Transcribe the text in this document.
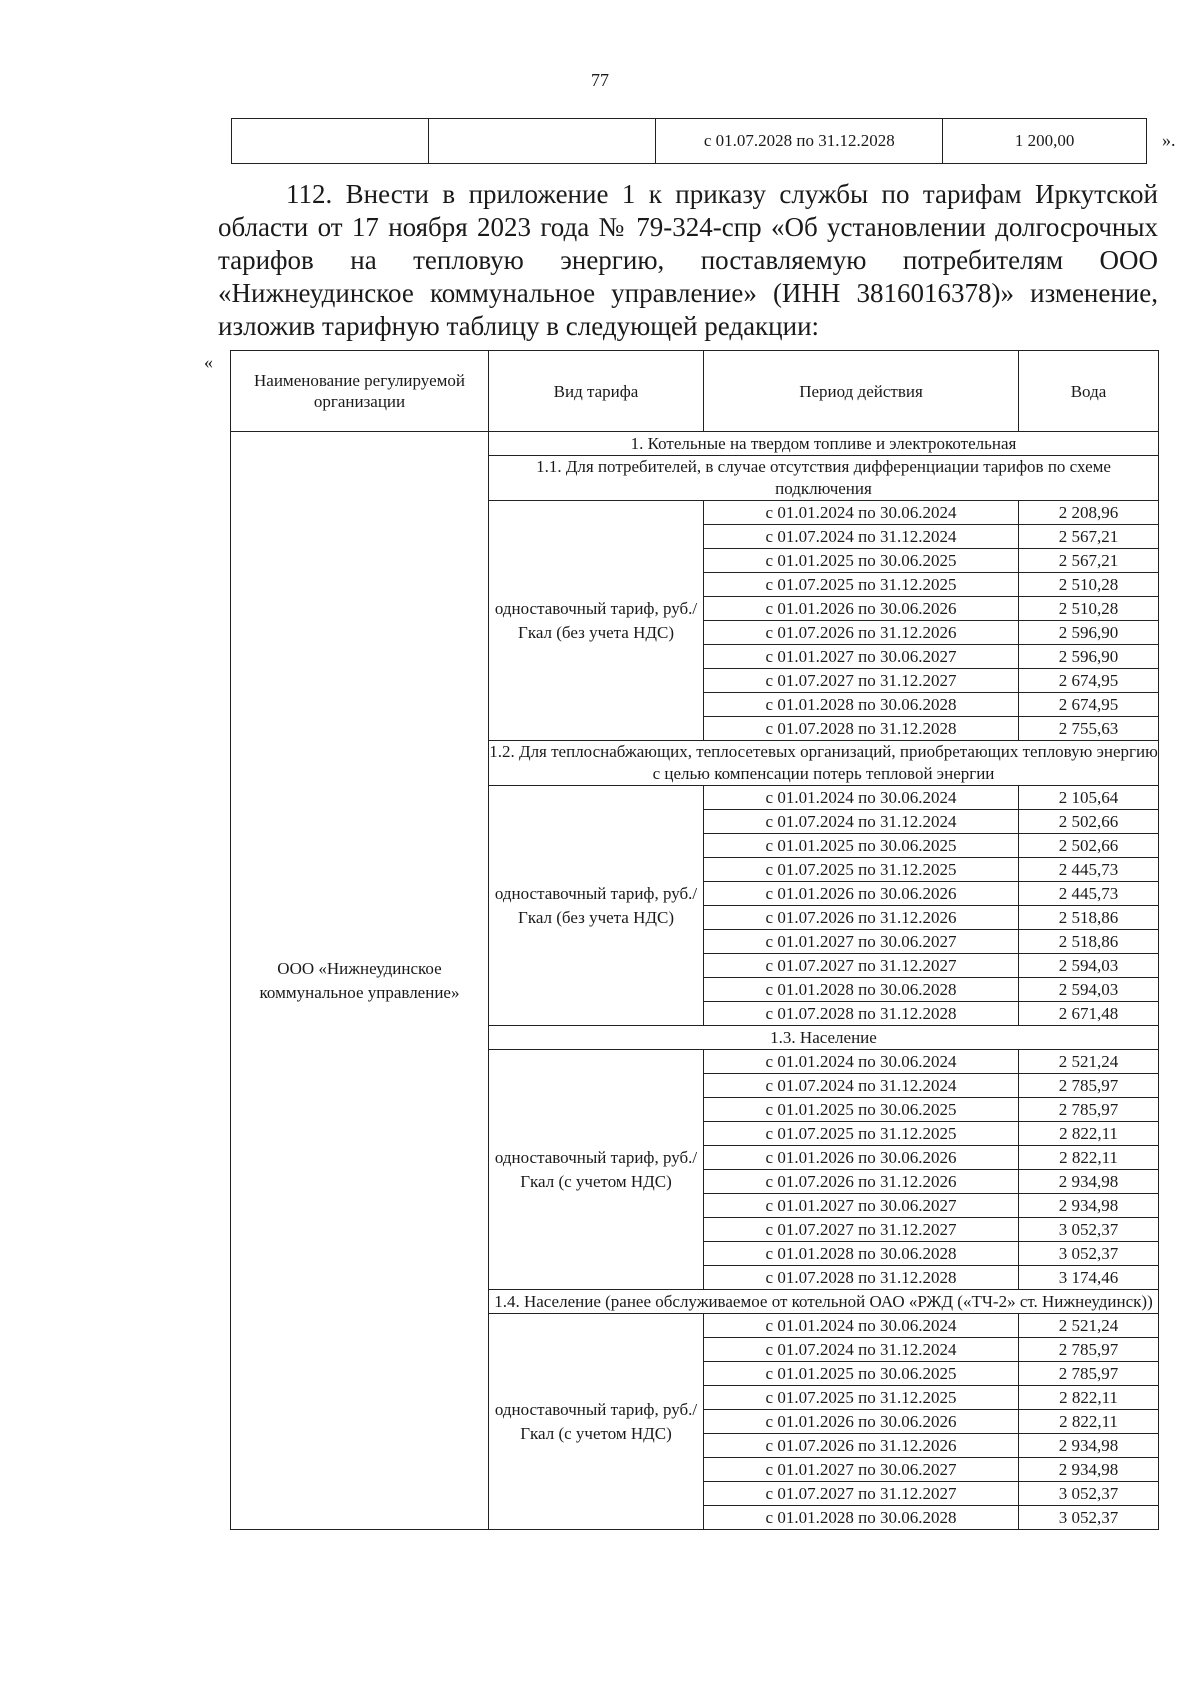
77
		с 01.07.2028 по 31.12.2028	1 200,00	».

112. Внести в приложение 1 к приказу службы по тарифам Иркутской области от 17 ноября 2023 года № 79-324-спр «Об установлении долгосрочных тарифов на тепловую энергию, поставляемую потребителям ООО «Нижнеудинское коммунальное управление» (ИНН 3816016378)» изменение, изложив тарифную таблицу в следующей редакции:

«
Наименование регулируемой организации	Вид тарифа	Период действия	Вода
ООО «Нижнеудинское коммунальное управление»	1. Котельные на твердом топливе и электрокотельная		
	1.1. Для потребителей, в случае отсутствия дифференциации тарифов по схеме подключения		
	одноставочный тариф, руб./Гкал (без учета НДС)	с 01.01.2024 по 30.06.2024	2 208,96
		с 01.07.2024 по 31.12.2024	2 567,21
		с 01.01.2025 по 30.06.2025	2 567,21
		с 01.07.2025 по 31.12.2025	2 510,28
		с 01.01.2026 по 30.06.2026	2 510,28
		с 01.07.2026 по 31.12.2026	2 596,90
		с 01.01.2027 по 30.06.2027	2 596,90
		с 01.07.2027 по 31.12.2027	2 674,95
		с 01.01.2028 по 30.06.2028	2 674,95
		с 01.07.2028 по 31.12.2028	2 755,63
	1.2. Для теплоснабжающих, теплосетевых организаций, приобретающих тепловую энергию с целью компенсации потерь тепловой энергии		
	одноставочный тариф, руб./Гкал (без учета НДС)	с 01.01.2024 по 30.06.2024	2 105,64
		с 01.07.2024 по 31.12.2024	2 502,66
		с 01.01.2025 по 30.06.2025	2 502,66
		с 01.07.2025 по 31.12.2025	2 445,73
		с 01.01.2026 по 30.06.2026	2 445,73
		с 01.07.2026 по 31.12.2026	2 518,86
		с 01.01.2027 по 30.06.2027	2 518,86
		с 01.07.2027 по 31.12.2027	2 594,03
		с 01.01.2028 по 30.06.2028	2 594,03
		с 01.07.2028 по 31.12.2028	2 671,48
	1.3. Население		
	одноставочный тариф, руб./Гкал (с учетом НДС)	с 01.01.2024 по 30.06.2024	2 521,24
		с 01.07.2024 по 31.12.2024	2 785,97
		с 01.01.2025 по 30.06.2025	2 785,97
		с 01.07.2025 по 31.12.2025	2 822,11
		с 01.01.2026 по 30.06.2026	2 822,11
		с 01.07.2026 по 31.12.2026	2 934,98
		с 01.01.2027 по 30.06.2027	2 934,98
		с 01.07.2027 по 31.12.2027	3 052,37
		с 01.01.2028 по 30.06.2028	3 052,37
		с 01.07.2028 по 31.12.2028	3 174,46
	1.4. Население (ранее обслуживаемое от котельной ОАО «РЖД («ТЧ-2» ст. Нижнеудинск))		
	одноставочный тариф, руб./Гкал (с учетом НДС)	с 01.01.2024 по 30.06.2024	2 521,24
		с 01.07.2024 по 31.12.2024	2 785,97
		с 01.01.2025 по 30.06.2025	2 785,97
		с 01.07.2025 по 31.12.2025	2 822,11
		с 01.01.2026 по 30.06.2026	2 822,11
		с 01.07.2026 по 31.12.2026	2 934,98
		с 01.01.2027 по 30.06.2027	2 934,98
		с 01.07.2027 по 31.12.2027	3 052,37
		с 01.01.2028 по 30.06.2028	3 052,37
